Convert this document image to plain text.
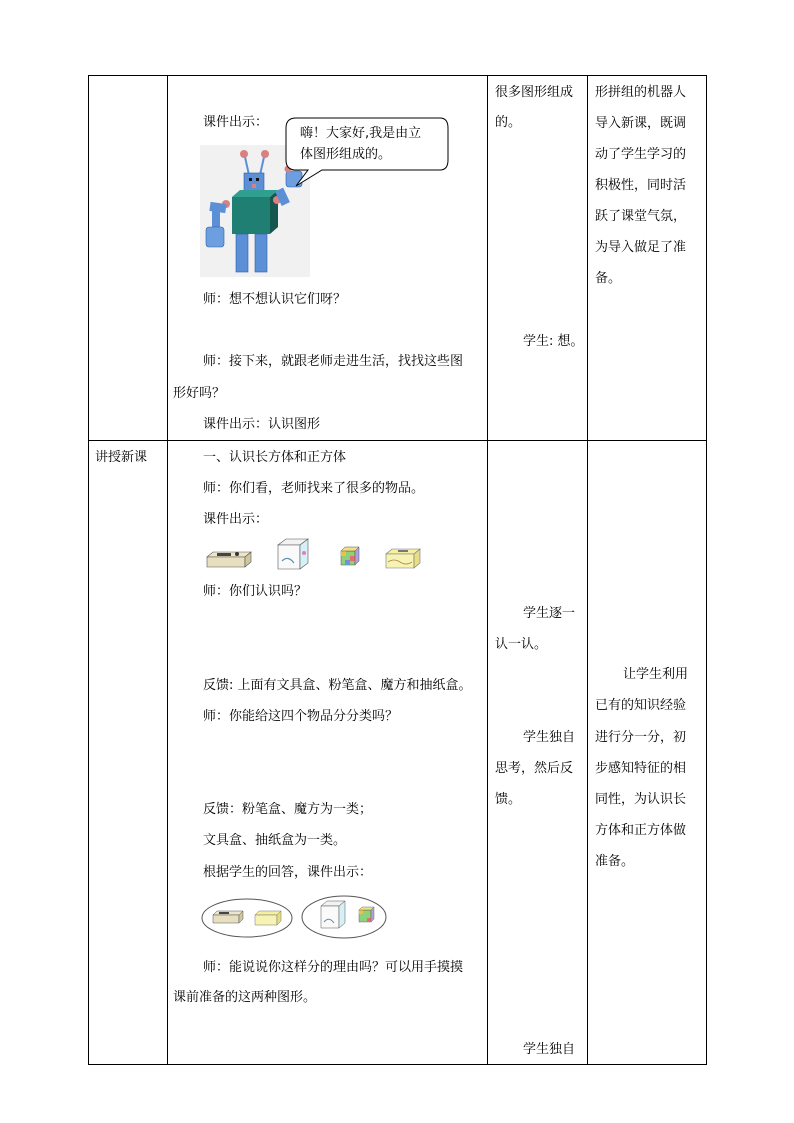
课件出示：
嗨！大家好,我是由立
体图形组成的。
师：想不想认识它们呀？
师：接下来，就跟老师走进生活，找找这些图
形好吗？
课件出示：认识图形
很多图形组成
的。
学生: 想。
形拼组的机器人
导入新课，既调
动了学生学习的
积极性，同时活
跃了课堂气氛，
为导入做足了准
备。
讲授新课	一、认识长方体和正方体
师：你们看，老师找来了很多的物品。
课件出示：
师：你们认识吗？
反馈: 上面有文具盒、粉笔盒、魔方和抽纸盒。
师：你能给这四个物品分分类吗？
反馈：粉笔盒、魔方为一类；
文具盒、抽纸盒为一类。
根据学生的回答，课件出示：
师：能说说你这样分的理由吗？可以用手摸摸
课前准备的这两种图形。
学生逐一
认一认。
学生独自
思考，然后反
馈。
学生独自
让学生利用
已有的知识经验
进行分一分，初
步感知特征的相
同性，为认识长
方体和正方体做
准备。
